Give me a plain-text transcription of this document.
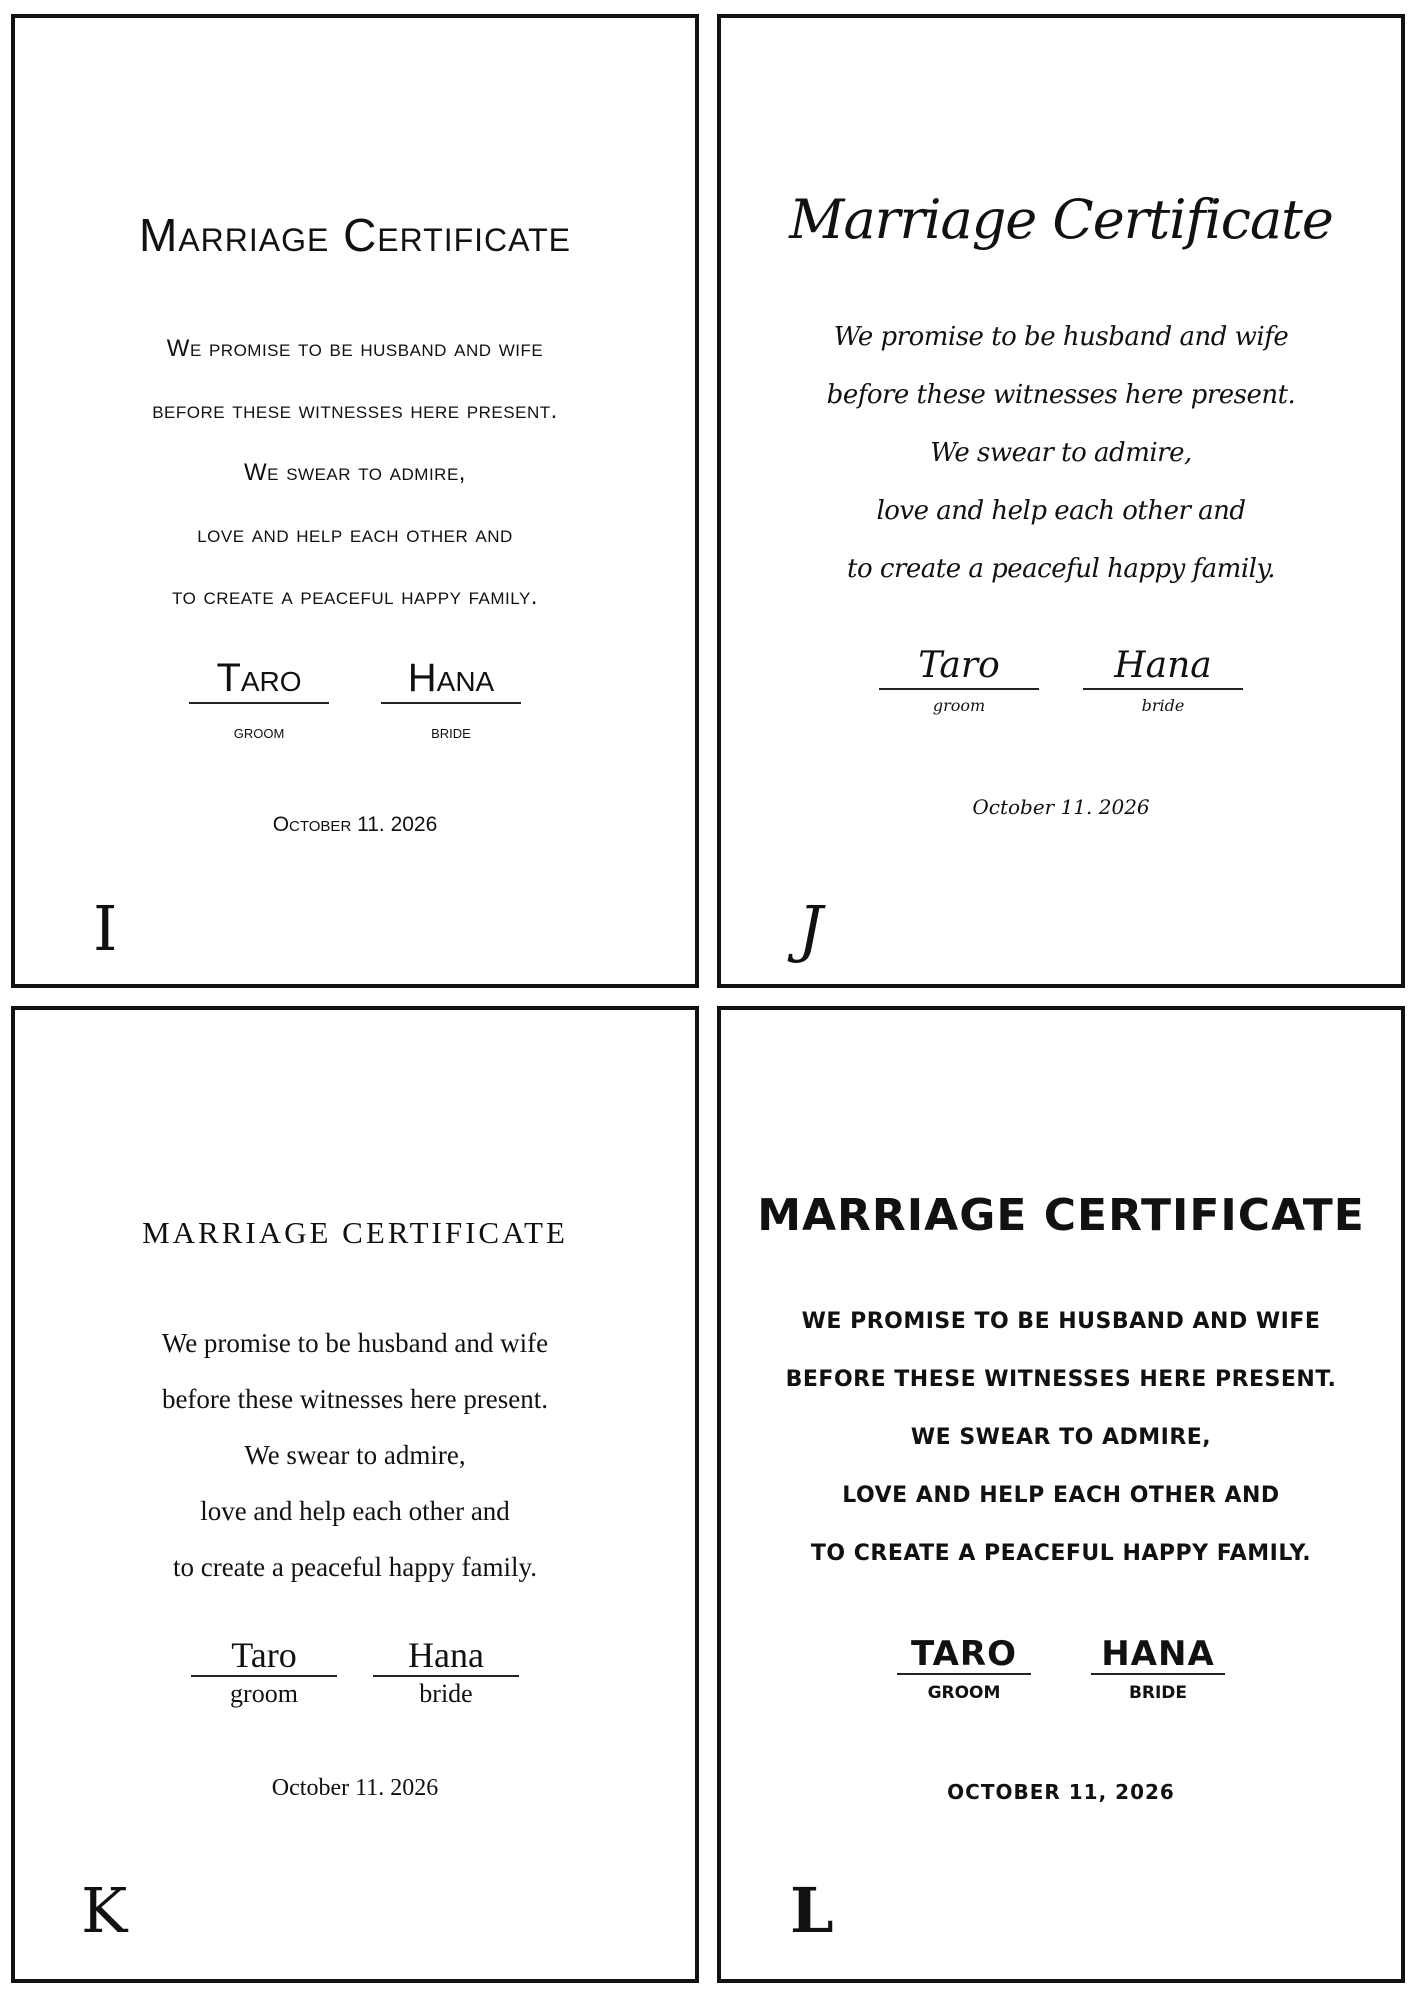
Marriage Certificate
We promise to be husband and wife
before these witnesses here present.
We swear to admire,
love and help each other and
to create a peaceful happy family.
Taro
groom
Hana
bride
October 11. 2026
I
Marriage Certificate
We promise to be husband and wife
before these witnesses here present.
We swear to admire,
love and help each other and
to create a peaceful happy family.
Taro
groom
Hana
bride
October 11. 2026
J
MARRIAGE CERTIFICATE
We promise to be husband and wife
before these witnesses here present.
We swear to admire,
love and help each other and
to create a peaceful happy family.
Taro
groom
Hana
bride
October 11. 2026
K
MARRIAGE CERTIFICATE
WE PROMISE TO BE HUSBAND AND WIFE
BEFORE THESE WITNESSES HERE PRESENT.
WE SWEAR TO ADMIRE,
LOVE AND HELP EACH OTHER AND
TO CREATE A PEACEFUL HAPPY FAMILY.
TARO
GROOM
HANA
BRIDE
OCTOBER 11, 2026
L
